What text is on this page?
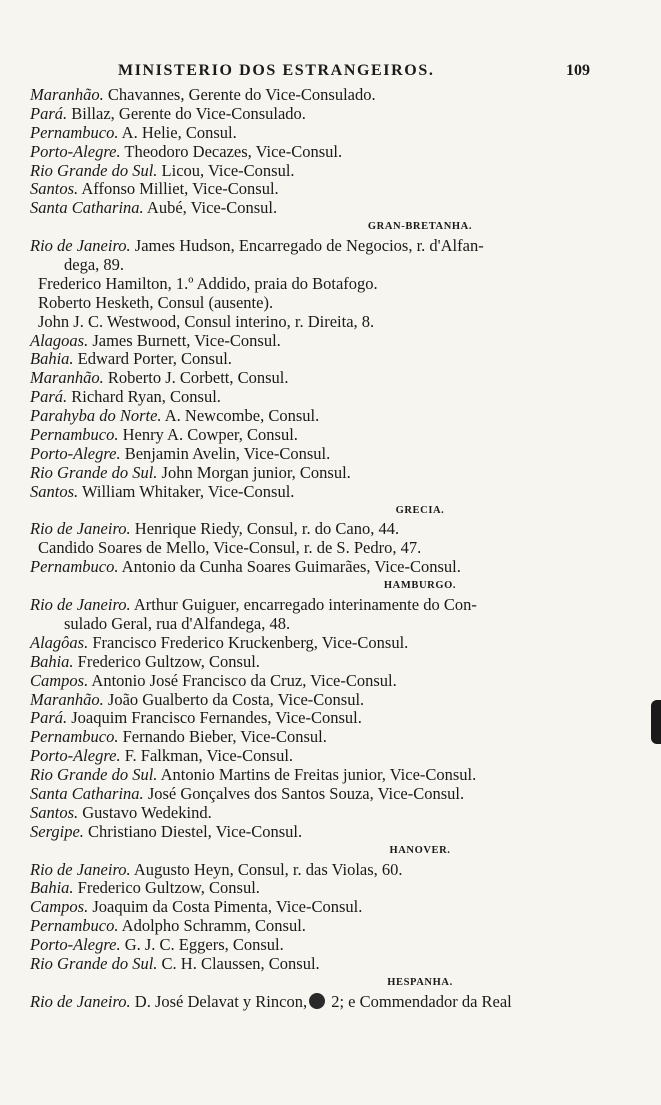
MINISTERIO DOS ESTRANGEIROS.	109
Maranhão. Chavannes, Gerente do Vice-Consulado.
Pará. Billaz, Gerente do Vice-Consulado.
Pernambuco. A. Helie, Consul.
Porto-Alegre. Theodoro Decazes, Vice-Consul.
Rio Grande do Sul. Licou, Vice-Consul.
Santos. Affonso Milliet, Vice-Consul.
Santa Catharina. Aubé, Vice-Consul.
GRAN-BRETANHA.
Rio de Janeiro. James Hudson, Encarregado de Negocios, r. d'Alfan-
dega, 89.
Frederico Hamilton, 1.º Addido, praia do Botafogo.
Roberto Hesketh, Consul (ausente).
John J. C. Westwood, Consul interino, r. Direita, 8.
Alagoas. James Burnett, Vice-Consul.
Bahia. Edward Porter, Consul.
Maranhão. Roberto J. Corbett, Consul.
Pará. Richard Ryan, Consul.
Parahyba do Norte. A. Newcombe, Consul.
Pernambuco. Henry A. Cowper, Consul.
Porto-Alegre. Benjamin Avelin, Vice-Consul.
Rio Grande do Sul. John Morgan junior, Consul.
Santos. William Whitaker, Vice-Consul.
GRECIA.
Rio de Janeiro. Henrique Riedy, Consul, r. do Cano, 44.
Candido Soares de Mello, Vice-Consul, r. de S. Pedro, 47.
Pernambuco. Antonio da Cunha Soares Guimarães, Vice-Consul.
HAMBURGO.
Rio de Janeiro. Arthur Guiguer, encarregado interinamente do Con-
sulado Geral, rua d'Alfandega, 48.
Alagôas. Francisco Frederico Kruckenberg, Vice-Consul.
Bahia. Frederico Gultzow, Consul.
Campos. Antonio José Francisco da Cruz, Vice-Consul.
Maranhão. João Gualberto da Costa, Vice-Consul.
Pará. Joaquim Francisco Fernandes, Vice-Consul.
Pernambuco. Fernando Bieber, Vice-Consul.
Porto-Alegre. F. Falkman, Vice-Consul.
Rio Grande do Sul. Antonio Martins de Freitas junior, Vice-Consul.
Santa Catharina. José Gonçalves dos Santos Souza, Vice-Consul.
Santos. Gustavo Wedekind.
Sergipe. Christiano Diestel, Vice-Consul.
HANOVER.
Rio de Janeiro. Augusto Heyn, Consul, r. das Violas, 60.
Bahia. Frederico Gultzow, Consul.
Campos. Joaquim da Costa Pimenta, Vice-Consul.
Pernambuco. Adolpho Schramm, Consul.
Porto-Alegre. G. J. C. Eggers, Consul.
Rio Grande do Sul. C. H. Claussen, Consul.
HESPANHA.
Rio de Janeiro. D. José Delavat y Rincon, 2; e Commendador da Real
